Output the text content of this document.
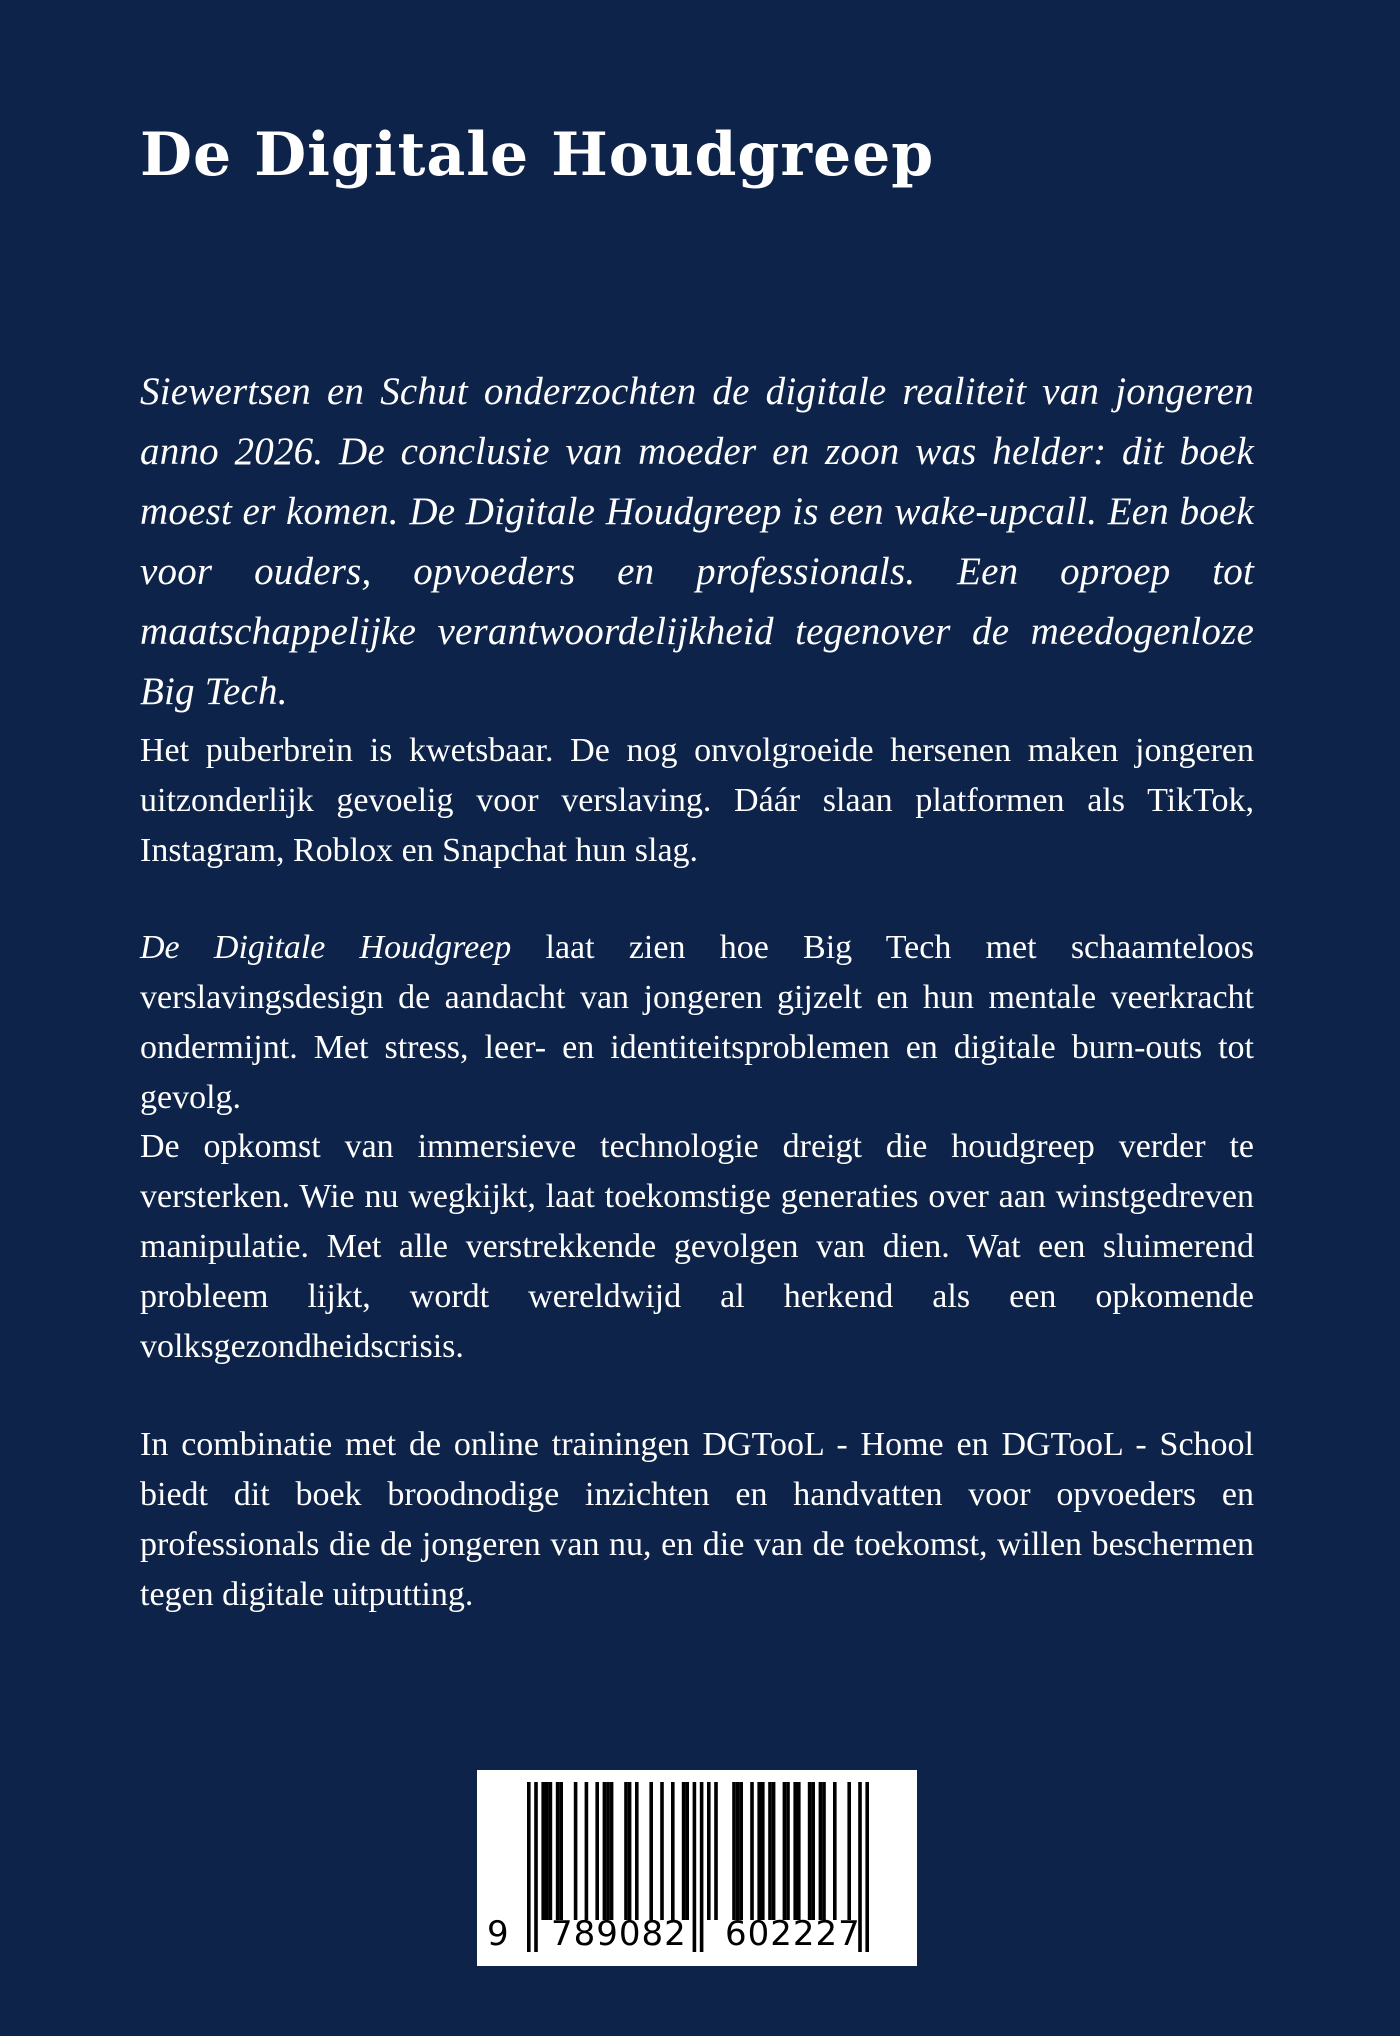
De Digitale Houdgreep

Siewertsen en Schut onderzochten de digitale realiteit van jongeren anno 2026. De conclusie van moeder en zoon was helder: dit boek moest er komen. De Digitale Houdgreep is een wake-upcall. Een boek voor ouders, opvoeders en professionals. Een oproep tot maatschappelijke verantwoordelijkheid tegenover de meedogenloze Big Tech.

Het puberbrein is kwetsbaar. De nog onvolgroeide hersenen maken jongeren uitzonderlijk gevoelig voor verslaving. Dáár slaan platformen als TikTok, Instagram, Roblox en Snapchat hun slag.

De Digitale Houdgreep laat zien hoe Big Tech met schaamteloos verslavingsdesign de aandacht van jongeren gijzelt en hun mentale veerkracht ondermijnt. Met stress, leer- en identiteitsproblemen en digitale burn-outs tot gevolg.

De opkomst van immersieve technologie dreigt die houdgreep verder te versterken. Wie nu wegkijkt, laat toekomstige generaties over aan winstgedreven manipulatie. Met alle verstrekkende gevolgen van dien. Wat een sluimerend probleem lijkt, wordt wereldwijd al herkend als een opkomende volksgezondheidscrisis.

In combinatie met de online trainingen DGTooL - Home en DGTooL - School biedt dit boek broodnodige inzichten en handvatten voor opvoeders en professionals die de jongeren van nu, en die van de toekomst, willen beschermen tegen digitale uitputting.

9 789082 602227
